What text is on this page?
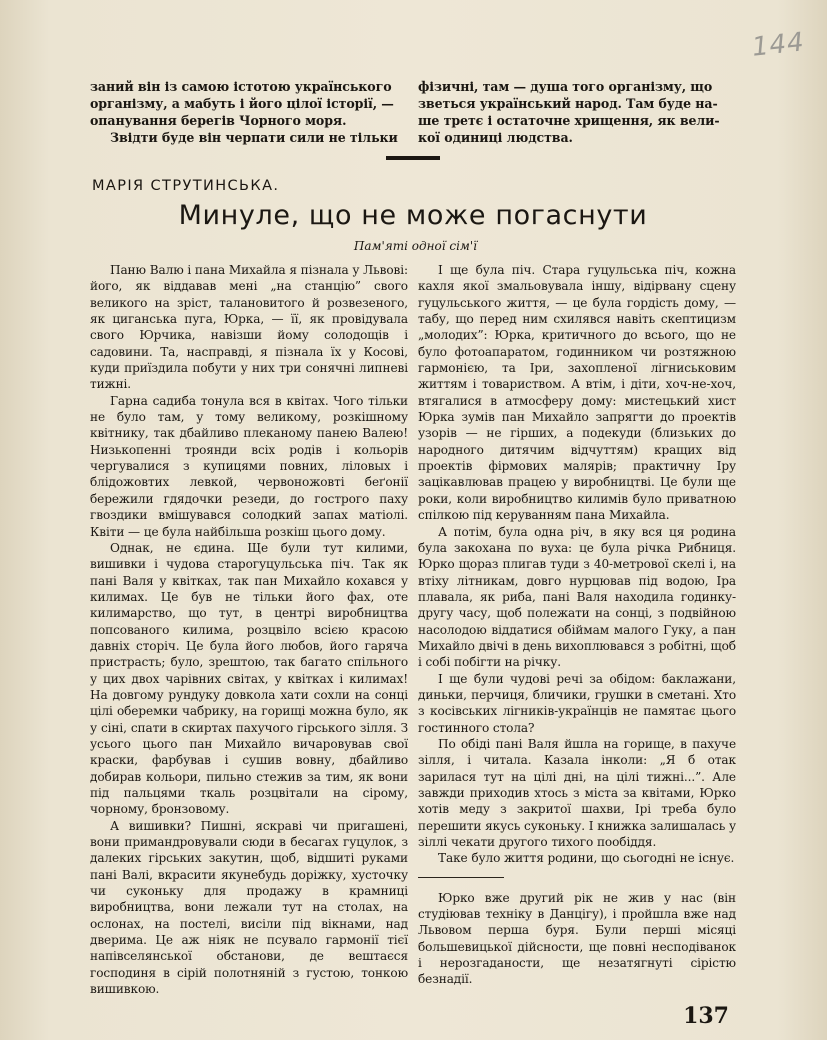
144
заний він із самою істотою українського
організму, а мабуть і його цілої історії, —
опанування берегів Чорного моря.
Звідти буде він черпати сили не тільки
фізичні, там — душа того організму, що
зветься український народ. Там буде на-
ше третє і остаточне хрищення, як вели-
кої одиниці людства.
МАРІЯ СТРУТИНСЬКА.
Минуле, що не може погаснути
Пам'яті одної сім'ї

Паню Валю і пана Михайла я пізнала у Львові: його, як віддавав мені „на станцію” свого великого на зріст, талановитого й розвезеного, як циганська пуга, Юрка, — її, як провідувала свого Юрчика, навізши йому солодощів і садовини. Та, насправді, я пізнала їх у Косові, куди приїздила побути у них три сонячні липневі тижні.

Гарна садиба тонула вся в квітах. Чого тільки не було там, у тому великому, розкішному квітнику, так дбайливо плеканому панею Валею! Низькопенні троянди всіх родів і кольорів чергувалися з купицями повних, ліловых і блідожовтих левкой, червоножовті беґонії бережили гдядочки резеди, до гострого паху гвоздики вмішувався солодкий запах матіолі. Квіти — це була найбільша розкіш цього дому.

Однак, не єдина. Ще були тут килими, вишивки і чудова старогуцульська піч. Так як пані Валя у квітках, так пан Михайло кохався у килимах. Це був не тільки його фах, оте килимарство, що тут, в центрі виробництва попсованого килима, розцвіло всією красою давніх сторіч. Це була його любов, його гаряча пристрасть; було, зрештою, так багато спільного у цих двох чарівних світах, у квітках і килимах! На довгому рундуку довкола хати сохли на сонці цілі оберемки чабрику, на горищі можна було, як у сіні, спати в скиртах пахучого гірського зілля. З усього цього пан Михайло вичаровував свої краски, фарбував і сушив вовну, дбайливо добирав кольори, пильно стежив за тим, як вони під пальцями ткаль розцвітали на сірому, чорному, бронзовому.

А вишивки? Пишні, яскраві чи пригашені, вони примандровували сюди в бесагах гуцулок, з далеких гірських закутин, щоб, відшиті руками пані Валі, вкрасити якунебудь доріжку, хусточку чи суконьку для продажу в крамниці виробництва, вони лежали тут на столах, на ослонах, на постелі, висіли під вікнами, над дверима. Це аж ніяк не псувало гармонії тієї напівселянської обстанови, де вештаєся господиня в сірій полотняній з густою, тонкою вишивкою.

І ще була піч. Стара гуцульська піч, кожна кахля якої змальовувала іншу, відірвану сцену гуцульського життя, — це була гордість дому, — табу, що перед ним схилявся навіть скептицизм „молодих”: Юрка, критичного до всього, що не було фотоапаратом, годинником чи розтяжною гармонією, та Іри, захопленої лігниськовим життям і товариством. А втім, і діти, хоч-не-хоч, втягалися в атмосферу дому: мистецький хист Юрка зумів пан Михайло запрягти до проектів узорів — не гірших, а подекуди (близьких до народного дитячим відчуттям) кращих від проектів фірмових малярів; практичну Іру зацікавлював працею у виробництві. Це були ще роки, коли виробництво килимів було приватною спілкою під керуванням пана Михайла.

А потім, була одна річ, в яку вся ця родина була закохана по вуха: це була річка Рибниця. Юрко щораз плигав туди з 40-метрової скелі і, на втіху літникам, довго нурцював під водою, Іра плавала, як риба, пані Валя находила годинку-другу часу, щоб полежати на сонці, з подвійною насолодою віддатися обіймам малого Гуку, а пан Михайло двічі в день вихоплювався з робітні, щоб і собі побігти на річку.

І ще були чудові речі за обідом: баклажани, диньки, перчиця, бличики, грушки в сметані. Хто з косівських лігників-українців не памятає цього гостинного стола?

По обіді пані Валя йшла на горище, в пахуче зілля, і читала. Казала інколи: „Я б отак зарилася тут на цілі дні, на цілі тижні...”. Але завжди приходив хтось з міста за квітами, Юрко хотів меду з закритої шахви, Ірі треба було перешити якусь суконьку. І книжка залишалась у зіллі чекати другого тихого пообіддя.

Таке було життя родини, що сьогодні не існує.

Юрко вже другий рік не жив у нас (він студіював техніку в Данцігу), і пройшла вже над Львовом перша буря. Були перші місяці большевицької дійсности, ще повні несподіванок і нерозгаданости, ще незатягнуті сірістю безнадії.

137
